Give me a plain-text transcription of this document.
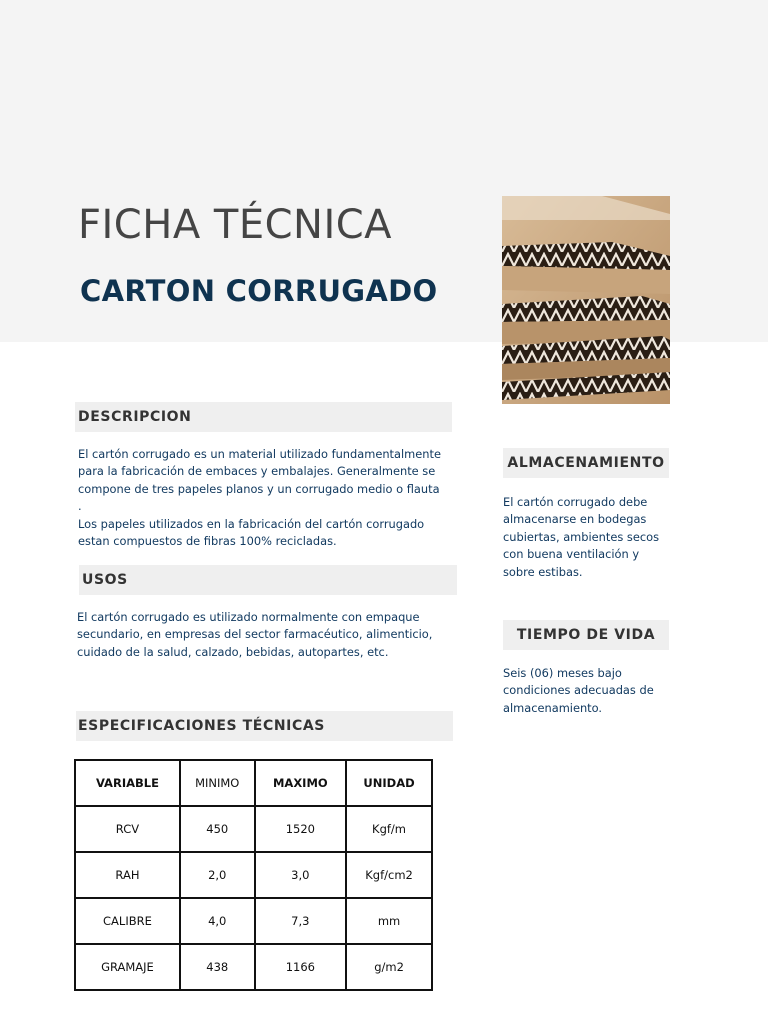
FICHA TÉCNICA
CARTON CORRUGADO
DESCRIPCION
El cartón corrugado es un material utilizado fundamentalmente
para la fabricación de embaces y embalajes. Generalmente se
compone de tres papeles planos y un corrugado medio o flauta
.
Los papeles utilizados en la fabricación del cartón corrugado
estan compuestos de fibras 100% recicladas.
USOS
El cartón corrugado es utilizado normalmente con empaque
secundario, en empresas del sector farmacéutico, alimenticio,
cuidado de la salud, calzado, bebidas, autopartes, etc.
ESPECIFICACIONES TÉCNICAS
VARIABLE	MINIMO	MAXIMO	UNIDAD
RCV	450	1520	Kgf/m
RAH	2,0	3,0	Kgf/cm2
CALIBRE	4,0	7,3	mm
GRAMAJE	438	1166	g/m2
ALMACENAMIENTO
El cartón corrugado debe
almacenarse en bodegas
cubiertas, ambientes secos
con buena ventilación y
sobre estibas.
TIEMPO DE VIDA
Seis (06) meses bajo
condiciones adecuadas de
almacenamiento.
